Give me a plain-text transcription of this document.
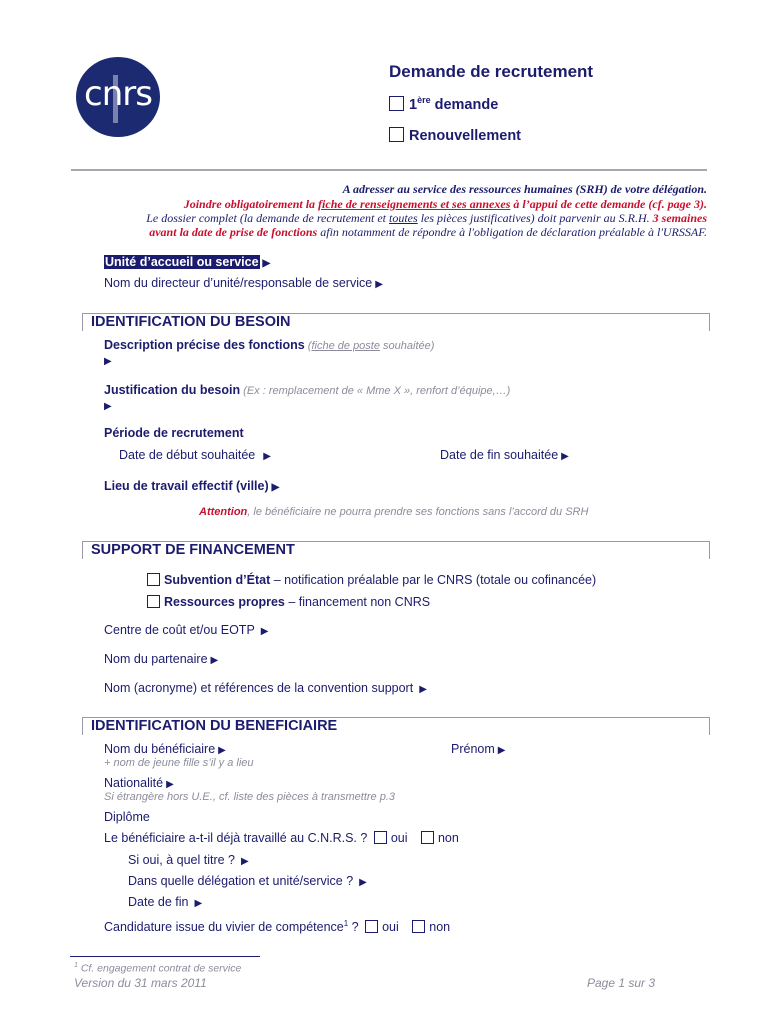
cnrs
Demande de recrutement
1ère demande
Renouvellement
A adresser au service des ressources humaines (SRH) de votre délégation.
Joindre obligatoirement la fiche de renseignements et ses annexes à l’appui de cette demande (cf. page 3).
Le dossier complet (la demande de recrutement et toutes les pièces justificatives) doit parvenir au S.R.H. 3 semaines
avant la date de prise de fonctions afin notamment de répondre à l'obligation de déclaration préalable à l'URSSAF.
Unité d’accueil ou service ▶
Nom du directeur d’unité/responsable de service ▶
IDENTIFICATION DU BESOIN
Description précise des fonctions (fiche de poste souhaitée)
▶
Justification du besoin (Ex : remplacement de « Mme X », renfort d’équipe,…)
▶
Période de recrutement
Date de début souhaitée ▶	Date de fin souhaitée ▶
Lieu de travail effectif (ville) ▶
Attention, le bénéficiaire ne pourra prendre ses fonctions sans l’accord du SRH
SUPPORT DE FINANCEMENT
Subvention d’État – notification préalable par le CNRS (totale ou cofinancée)
Ressources propres – financement non CNRS
Centre de coût et/ou EOTP ▶
Nom du partenaire ▶
Nom (acronyme) et références de la convention support ▶
IDENTIFICATION DU BENEFICIAIRE
Nom du bénéficiaire ▶	Prénom ▶
+ nom de jeune fille s’il y a lieu
Nationalité ▶
Si étrangère hors U.E., cf. liste des pièces à transmettre p.3
Diplôme
Le bénéficiaire a-t-il déjà travaillé au C.N.R.S. ? oui non
Si oui, à quel titre ? ▶
Dans quelle délégation et unité/service ? ▶
Date de fin ▶
Candidature issue du vivier de compétence$^1$ ? oui non
$^1$ Cf. engagement contrat de service
Version du 31 mars 2011	Page 1 sur 3
